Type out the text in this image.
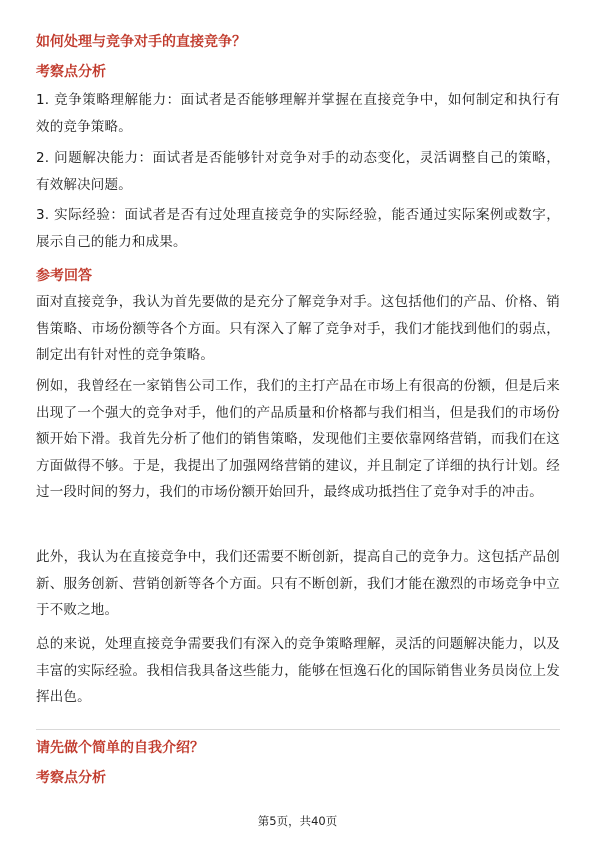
如何处理与竞争对手的直接竞争？
考察点分析
1. 竞争策略理解能力：面试者是否能够理解并掌握在直接竞争中，如何制定和执行有效的竞争策略。
2. 问题解决能力：面试者是否能够针对竞争对手的动态变化，灵活调整自己的策略，有效解决问题。
3. 实际经验：面试者是否有过处理直接竞争的实际经验，能否通过实际案例或数字，展示自己的能力和成果。
参考回答
面对直接竞争，我认为首先要做的是充分了解竞争对手。这包括他们的产品、价格、销售策略、市场份额等各个方面。只有深入了解了竞争对手，我们才能找到他们的弱点，制定出有针对性的竞争策略。
例如，我曾经在一家销售公司工作，我们的主打产品在市场上有很高的份额，但是后来出现了一个强大的竞争对手，他们的产品质量和价格都与我们相当，但是我们的市场份额开始下滑。我首先分析了他们的销售策略，发现他们主要依靠网络营销，而我们在这方面做得不够。于是，我提出了加强网络营销的建议，并且制定了详细的执行计划。经过一段时间的努力，我们的市场份额开始回升，最终成功抵挡住了竞争对手的冲击。
此外，我认为在直接竞争中，我们还需要不断创新，提高自己的竞争力。这包括产品创新、服务创新、营销创新等各个方面。只有不断创新，我们才能在激烈的市场竞争中立于不败之地。
总的来说，处理直接竞争需要我们有深入的竞争策略理解，灵活的问题解决能力，以及丰富的实际经验。我相信我具备这些能力，能够在恒逸石化的国际销售业务员岗位上发挥出色。
请先做个简单的自我介绍？
考察点分析
第5页，共40页
